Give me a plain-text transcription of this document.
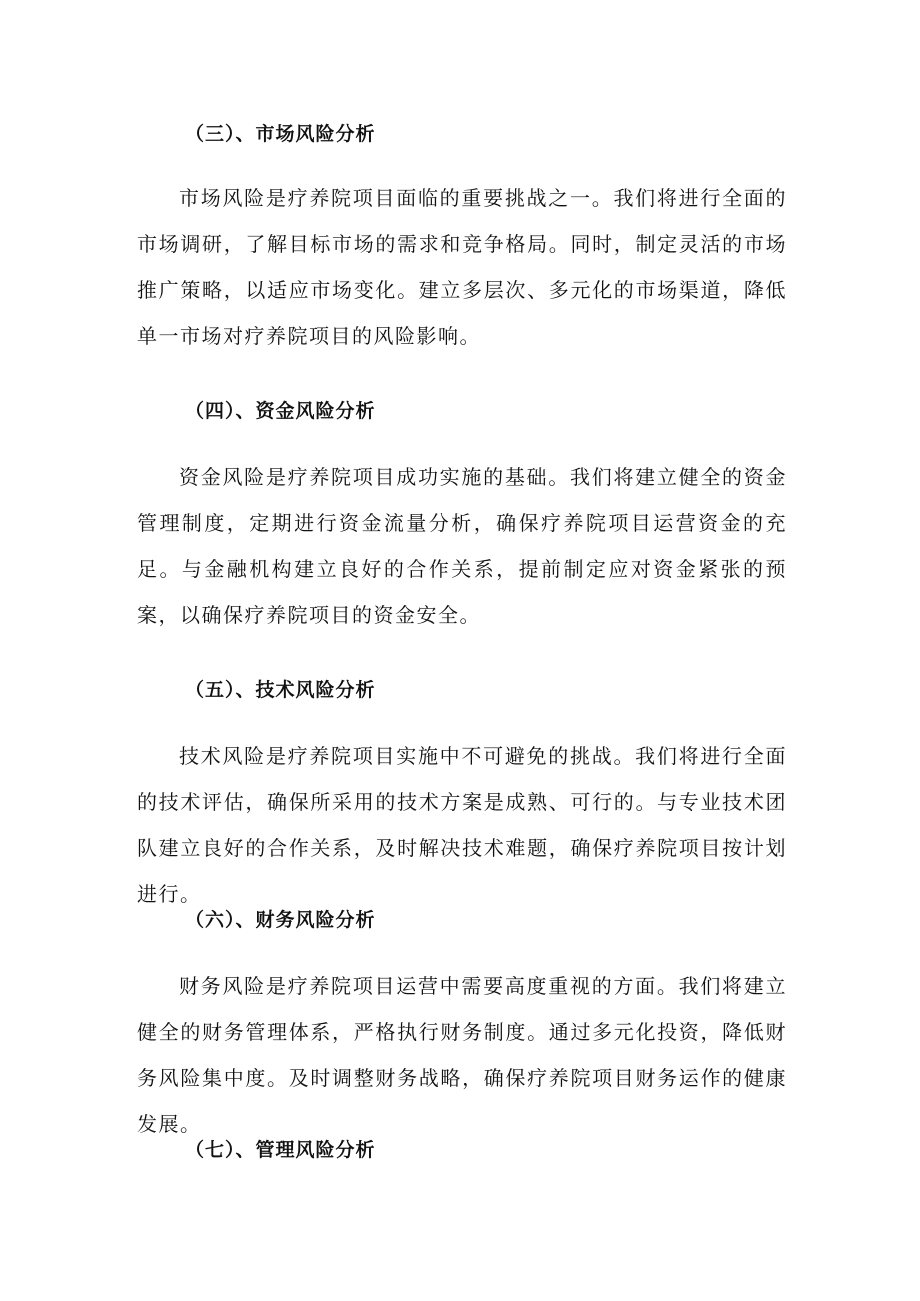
（三）、市场风险分析
市场风险是疗养院项目面临的重要挑战之一。我们将进行全面的市场调研，了解目标市场的需求和竞争格局。同时，制定灵活的市场推广策略，以适应市场变化。建立多层次、多元化的市场渠道，降低单一市场对疗养院项目的风险影响。
（四）、资金风险分析
资金风险是疗养院项目成功实施的基础。我们将建立健全的资金管理制度，定期进行资金流量分析，确保疗养院项目运营资金的充足。与金融机构建立良好的合作关系，提前制定应对资金紧张的预案，以确保疗养院项目的资金安全。
（五）、技术风险分析
技术风险是疗养院项目实施中不可避免的挑战。我们将进行全面的技术评估，确保所采用的技术方案是成熟、可行的。与专业技术团队建立良好的合作关系，及时解决技术难题，确保疗养院项目按计划进行。
（六）、财务风险分析
财务风险是疗养院项目运营中需要高度重视的方面。我们将建立健全的财务管理体系，严格执行财务制度。通过多元化投资，降低财务风险集中度。及时调整财务战略，确保疗养院项目财务运作的健康发展。
（七）、管理风险分析
